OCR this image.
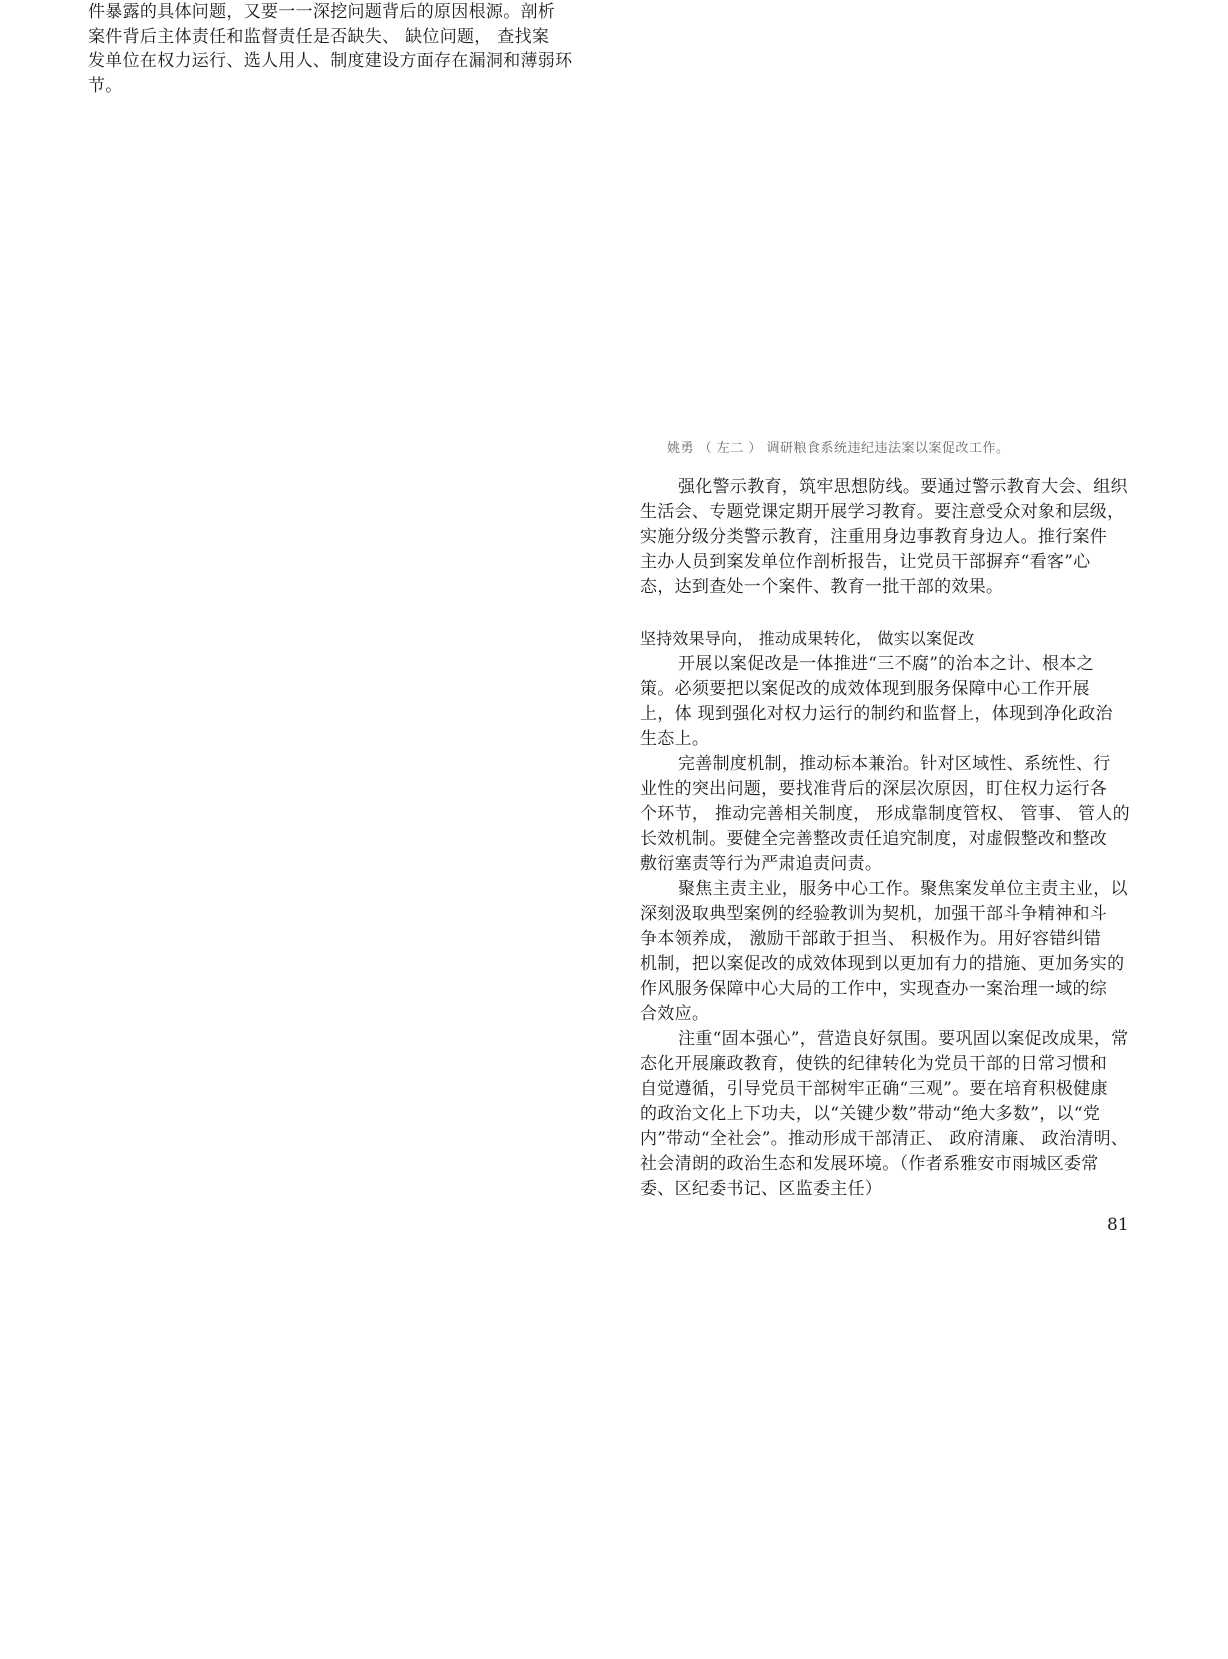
件暴露的具体问题，又要一一深挖问题背后的原因根源。剖析
案件背后主体责任和监督责任是否缺失、 缺位问题， 查找案
发单位在权力运行、选人用人、制度建设方面存在漏洞和薄弱环
节。
姚勇 （ 左二 ） 调研粮食系统违纪违法案以案促改工作。
强化警示教育，筑牢思想防线。要通过警示教育大会、组织
生活会、专题党课定期开展学习教育。要注意受众对象和层级，
实施分级分类警示教育，注重用身边事教育身边人。推行案件
主办人员到案发单位作剖析报告，让党员干部摒弃“看客”心
态，达到查处一个案件、教育一批干部的效果。
坚持效果导向， 推动成果转化， 做实以案促改
开展以案促改是一体推进“三不腐”的治本之计、根本之
策。必须要把以案促改的成效体现到服务保障中心工作开展
上，体 现到强化对权力运行的制约和监督上，体现到净化政治
生态上。
完善制度机制，推动标本兼治。针对区域性、系统性、行
业性的突出问题，要找准背后的深层次原因，盯住权力运行各
个环节， 推动完善相关制度， 形成靠制度管权、 管事、 管人的
长效机制。要健全完善整改责任追究制度，对虚假整改和整改
敷衍塞责等行为严肃追责问责。
聚焦主责主业，服务中心工作。聚焦案发单位主责主业，以
深刻汲取典型案例的经验教训为契机，加强干部斗争精神和斗
争本领养成， 激励干部敢于担当、 积极作为。用好容错纠错
机制，把以案促改的成效体现到以更加有力的措施、更加务实的
作风服务保障中心大局的工作中，实现查办一案治理一域的综
合效应。
注重“固本强心”，营造良好氛围。要巩固以案促改成果，常
态化开展廉政教育，使铁的纪律转化为党员干部的日常习惯和
自觉遵循，引导党员干部树牢正确“三观”。要在培育积极健康
的政治文化上下功夫，以“关键少数”带动“绝大多数”，以“党
内”带动“全社会”。推动形成干部清正、 政府清廉、 政治清明、
社会清朗的政治生态和发展环境。（作者系雅安市雨城区委常
委、区纪委书记、区监委主任）
81
